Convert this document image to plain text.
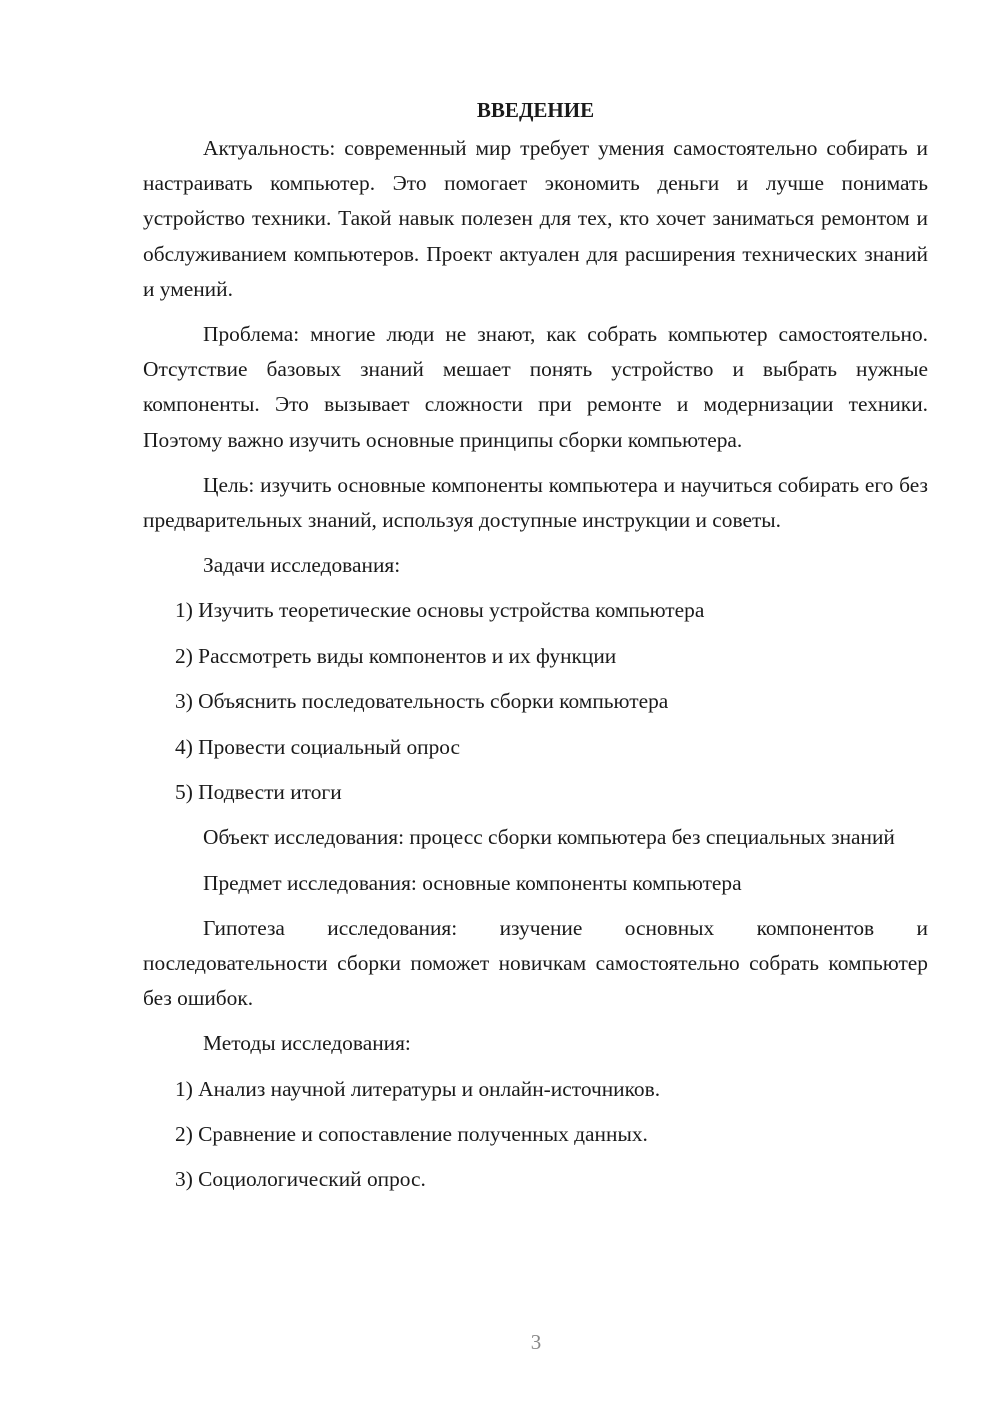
ВВЕДЕНИЕ

Актуальность: современный мир требует умения самостоятельно собирать и настраивать компьютер. Это помогает экономить деньги и лучше понимать устройство техники. Такой навык полезен для тех, кто хочет заниматься ремонтом и обслуживанием компьютеров. Проект актуален для расширения технических знаний и умений.

Проблема: многие люди не знают, как собрать компьютер самостоятельно. Отсутствие базовых знаний мешает понять устройство и выбрать нужные компоненты. Это вызывает сложности при ремонте и модернизации техники. Поэтому важно изучить основные принципы сборки компьютера.

Цель: изучить основные компоненты компьютера и научиться собирать его без предварительных знаний, используя доступные инструкции и советы.

Задачи исследования:

1) Изучить теоретические основы устройства компьютера

2) Рассмотреть виды компонентов и их функции

3) Объяснить последовательность сборки компьютера

4) Провести социальный опрос

5) Подвести итоги

Объект исследования: процесс сборки компьютера без специальных знаний

Предмет исследования: основные компоненты компьютера

Гипотеза исследования: изучение основных компонентов и последовательности сборки поможет новичкам самостоятельно собрать компьютер без ошибок.

Методы исследования:

1) Анализ научной литературы и онлайн-источников.

2) Сравнение и сопоставление полученных данных.

3) Социологический опрос.

3
